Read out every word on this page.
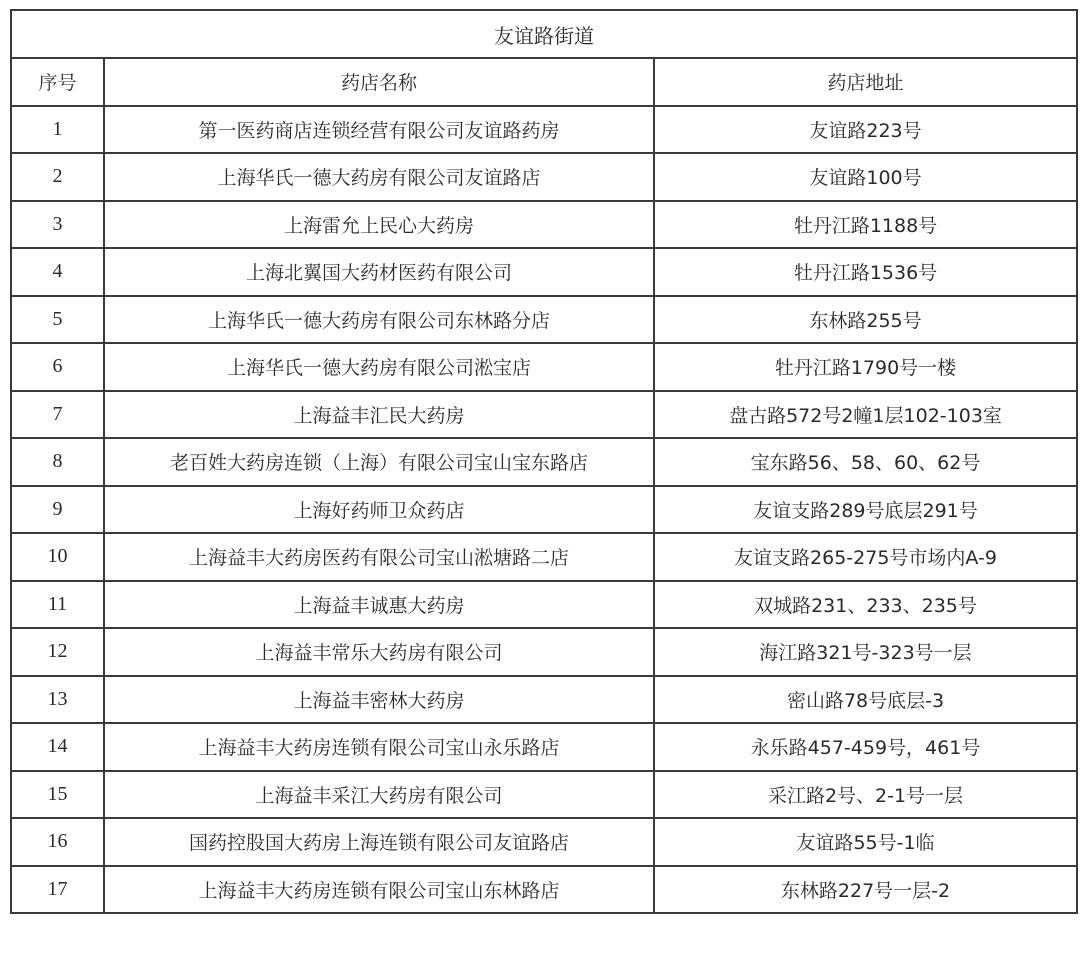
友谊路街道		
序号	药店名称	药店地址
1	第一医药商店连锁经营有限公司友谊路药房	友谊路223号
2	上海华氏一德大药房有限公司友谊路店	友谊路100号
3	上海雷允上民心大药房	牡丹江路1188号
4	上海北翼国大药材医药有限公司	牡丹江路1536号
5	上海华氏一德大药房有限公司东林路分店	东林路255号
6	上海华氏一德大药房有限公司淞宝店	牡丹江路1790号一楼
7	上海益丰汇民大药房	盘古路572号2幢1层102-103室
8	老百姓大药房连锁（上海）有限公司宝山宝东路店	宝东路56、58、60、62号
9	上海好药师卫众药店	友谊支路289号底层291号
10	上海益丰大药房医药有限公司宝山淞塘路二店	友谊支路265-275号市场内A-9
11	上海益丰诚惠大药房	双城路231、233、235号
12	上海益丰常乐大药房有限公司	海江路321号-323号一层
13	上海益丰密林大药房	密山路78号底层-3
14	上海益丰大药房连锁有限公司宝山永乐路店	永乐路457-459号，461号
15	上海益丰采江大药房有限公司	采江路2号、2-1号一层
16	国药控股国大药房上海连锁有限公司友谊路店	友谊路55号-1临
17	上海益丰大药房连锁有限公司宝山东林路店	东林路227号一层-2
